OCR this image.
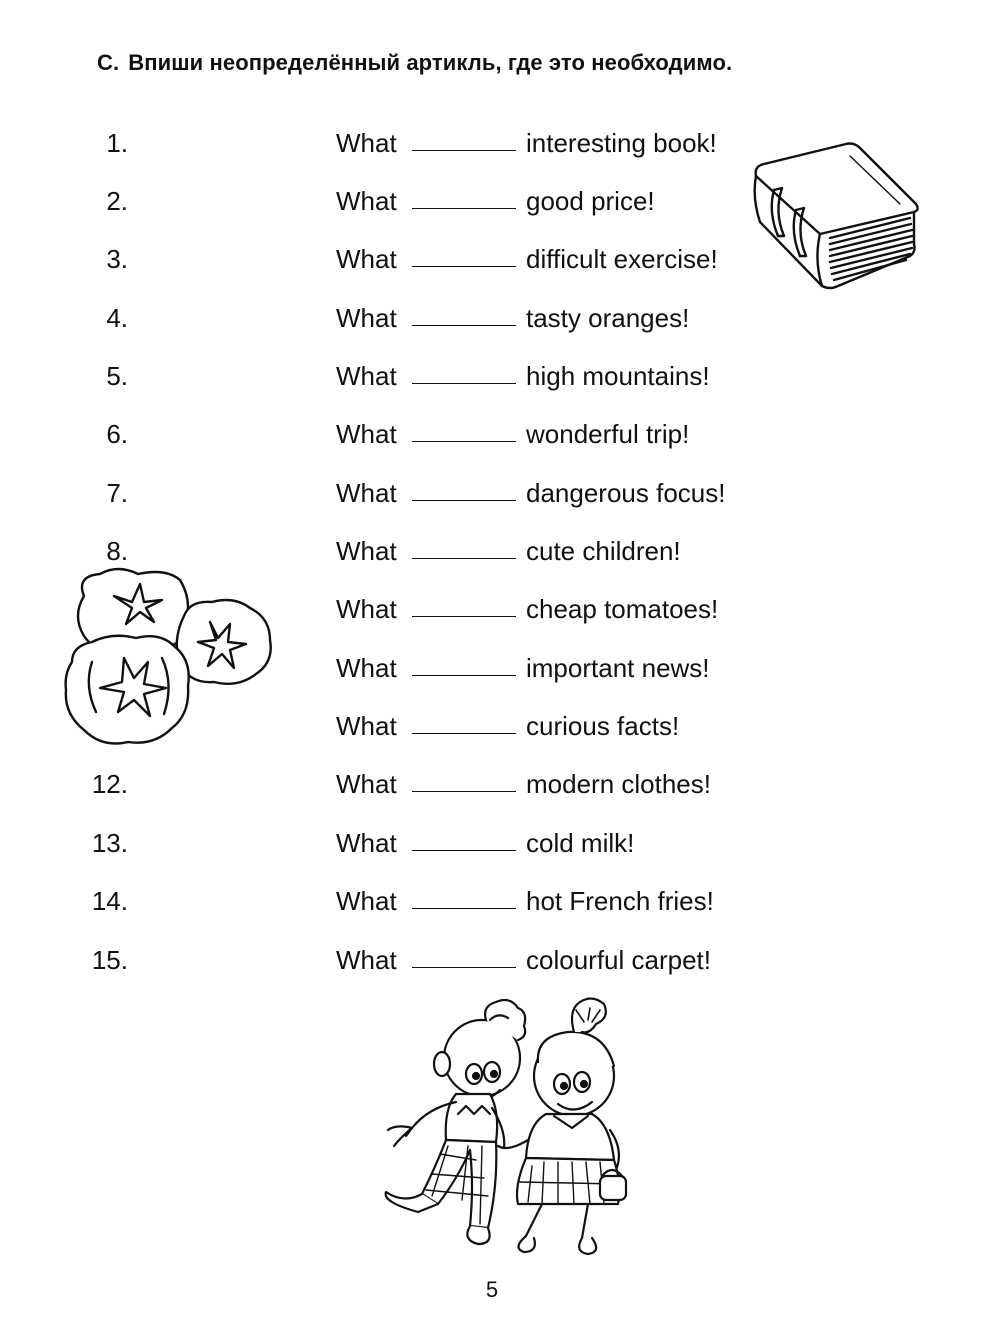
C. Впиши неопределённый артикль, где это необходимо.
1.	What	interesting book!
2.	What	good price!
3.	What	difficult exercise!
4.	What	tasty oranges!
5.	What	high mountains!
6.	What	wonderful trip!
7.	What	dangerous focus!
8.	What	cute children!
What	cheap tomatoes!
What	important news!
What	curious facts!
12.	What	modern clothes!
13.	What	cold milk!
14.	What	hot French fries!
15.	What	colourful carpet!
5
